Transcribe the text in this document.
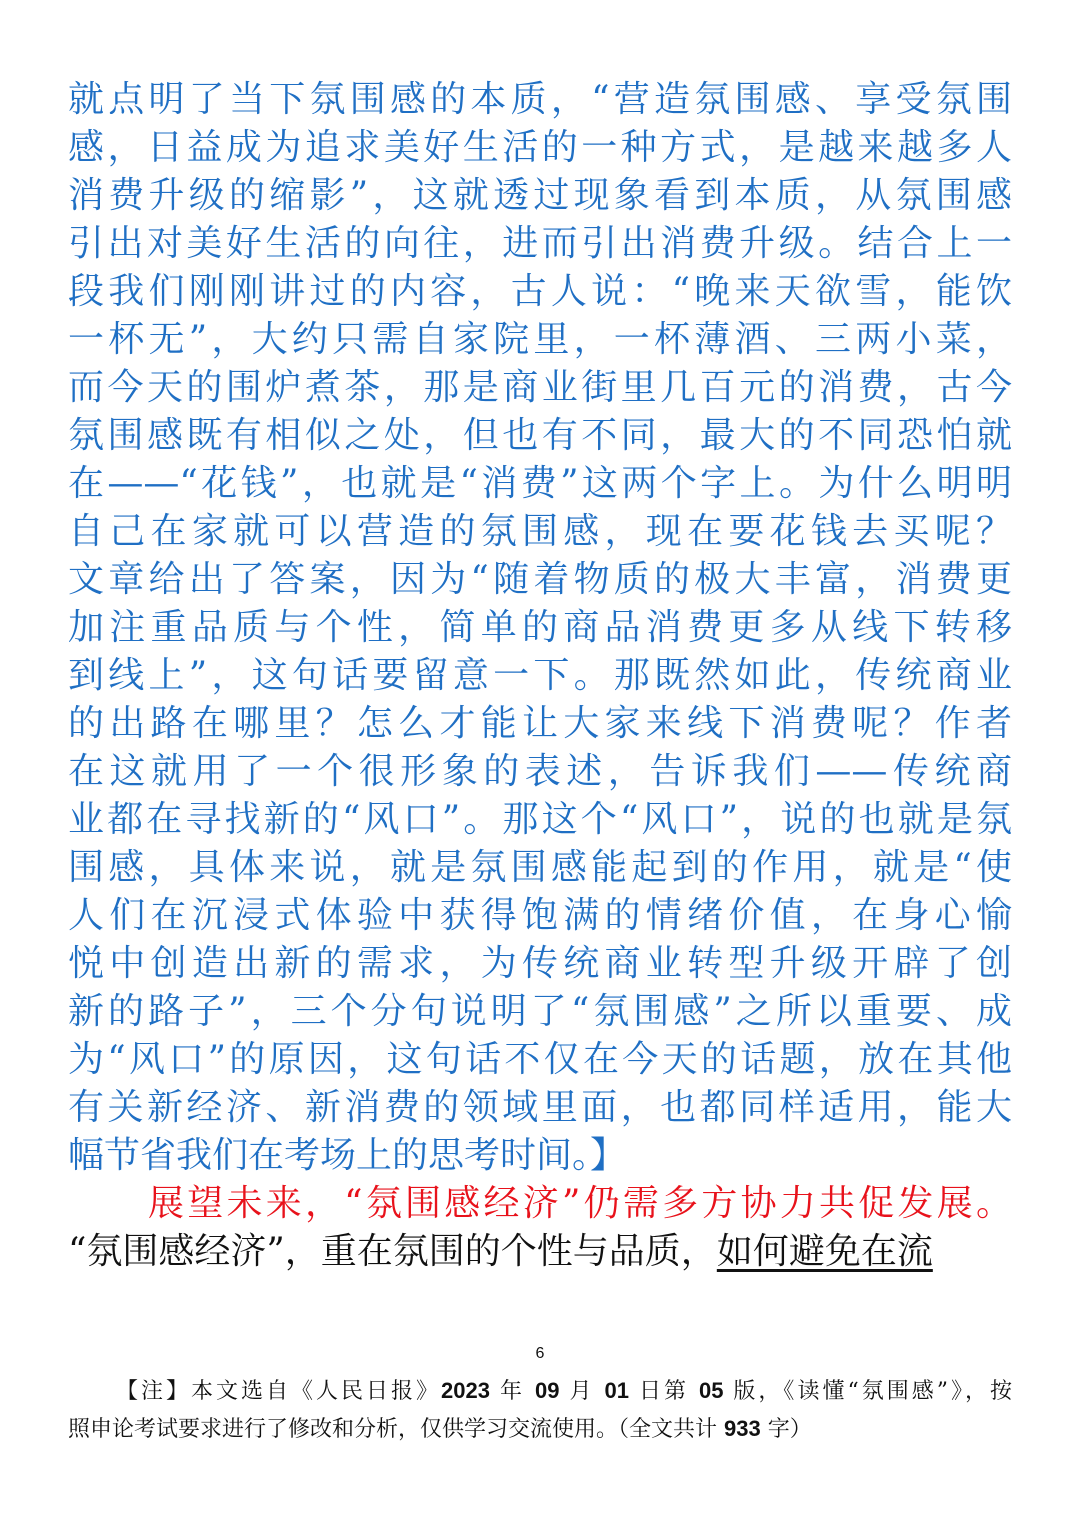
就点明了当下氛围感的本质，“营造氛围感、享受氛围
感，日益成为追求美好生活的一种方式，是越来越多人
消费升级的缩影”，这就透过现象看到本质，从氛围感
引出对美好生活的向往，进而引出消费升级。结合上一
段我们刚刚讲过的内容，古人说：“晚来天欲雪，能饮
一杯无”，大约只需自家院里，一杯薄酒、三两小菜，
而今天的围炉煮茶，那是商业街里几百元的消费，古今
氛围感既有相似之处，但也有不同，最大的不同恐怕就
在——“花钱”，也就是“消费”这两个字上。为什么明明
自己在家就可以营造的氛围感，现在要花钱去买呢？
文章给出了答案，因为“随着物质的极大丰富，消费更
加注重品质与个性，简单的商品消费更多从线下转移
到线上”，这句话要留意一下。那既然如此，传统商业
的出路在哪里？怎么才能让大家来线下消费呢？作者
在这就用了一个很形象的表述，告诉我们——传统商
业都在寻找新的“风口”。那这个“风口”，说的也就是氛
围感，具体来说，就是氛围感能起到的作用，就是“使
人们在沉浸式体验中获得饱满的情绪价值，在身心愉
悦中创造出新的需求，为传统商业转型升级开辟了创
新的路子”，三个分句说明了“氛围感”之所以重要、成
为“风口”的原因，这句话不仅在今天的话题，放在其他
有关新经济、新消费的领域里面，也都同样适用，能大
幅节省我们在考场上的思考时间。】
展望未来，“氛围感经济”仍需多方协力共促发展。
“氛围感经济”，重在氛围的个性与品质，如何避免在流
6
【注】本文选自《人民日报》2023 年 09 月 01 日第 05 版，《读懂“氛围感”》，按
照申论考试要求进行了修改和分析，仅供学习交流使用。（全文共计 933 字）
